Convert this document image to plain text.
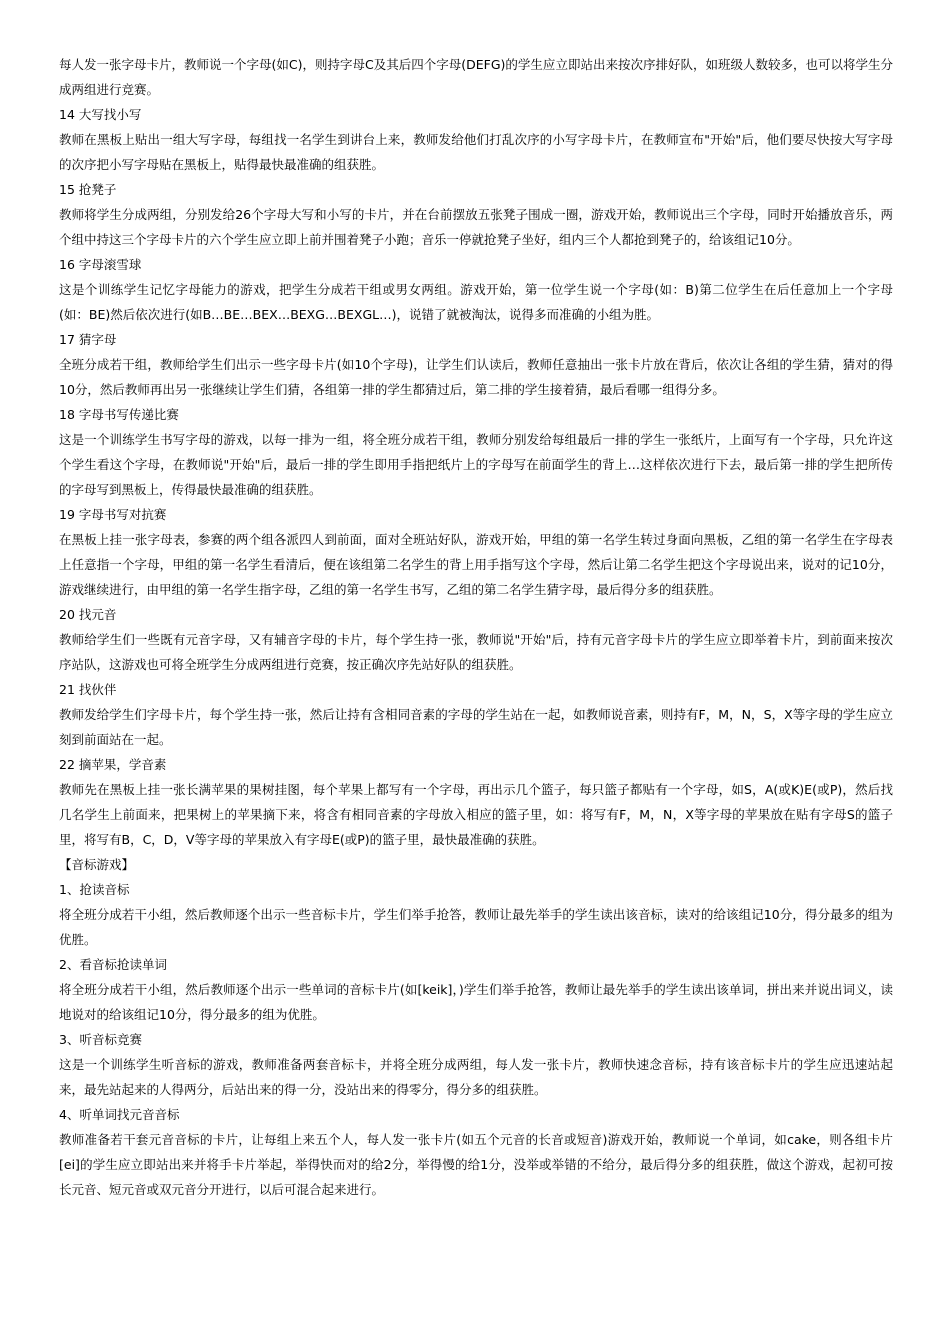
每人发一张字母卡片，教师说一个字母(如C)，则持字母C及其后四个字母(DEFG)的学生应立即站出来按次序排好队，如班级人数较多，也可以将学生分成两组进行竞赛。

14 大写找小写

教师在黑板上贴出一组大写字母，每组找一名学生到讲台上来，教师发给他们打乱次序的小写字母卡片，在教师宣布"开始"后，他们要尽快按大写字母的次序把小写字母贴在黑板上，贴得最快最准确的组获胜。

15 抢凳子

教师将学生分成两组，分别发给26个字母大写和小写的卡片，并在台前摆放五张凳子围成一圈，游戏开始，教师说出三个字母，同时开始播放音乐，两个组中持这三个字母卡片的六个学生应立即上前并围着凳子小跑；音乐一停就抢凳子坐好，组内三个人都抢到凳子的，给该组记10分。

16 字母滚雪球

这是个训练学生记忆字母能力的游戏，把学生分成若干组或男女两组。游戏开始，第一位学生说一个字母(如：B)第二位学生在后任意加上一个字母(如：BE)然后依次进行(如B…BE…BEX…BEXG…BEXGL…)，说错了就被淘汰，说得多而准确的小组为胜。

17 猜字母

全班分成若干组，教师给学生们出示一些字母卡片(如10个字母)，让学生们认读后，教师任意抽出一张卡片放在背后，依次让各组的学生猜，猜对的得10分，然后教师再出另一张继续让学生们猜，各组第一排的学生都猜过后，第二排的学生接着猜，最后看哪一组得分多。

18 字母书写传递比赛

这是一个训练学生书写字母的游戏，以每一排为一组，将全班分成若干组，教师分别发给每组最后一排的学生一张纸片，上面写有一个字母，只允许这个学生看这个字母，在教师说"开始"后，最后一排的学生即用手指把纸片上的字母写在前面学生的背上…这样依次进行下去，最后第一排的学生把所传的字母写到黑板上，传得最快最准确的组获胜。

19 字母书写对抗赛

在黑板上挂一张字母表，参赛的两个组各派四人到前面，面对全班站好队，游戏开始，甲组的第一名学生转过身面向黑板，乙组的第一名学生在字母表上任意指一个字母，甲组的第一名学生看清后，便在该组第二名学生的背上用手指写这个字母，然后让第二名学生把这个字母说出来，说对的记10分，游戏继续进行，由甲组的第一名学生指字母，乙组的第一名学生书写，乙组的第二名学生猜字母，最后得分多的组获胜。

20 找元音

教师给学生们一些既有元音字母，又有辅音字母的卡片，每个学生持一张，教师说"开始"后，持有元音字母卡片的学生应立即举着卡片，到前面来按次序站队，这游戏也可将全班学生分成两组进行竞赛，按正确次序先站好队的组获胜。

21 找伙伴

教师发给学生们字母卡片，每个学生持一张，然后让持有含相同音素的字母的学生站在一起，如教师说音素，则持有F，M，N，S，X等字母的学生应立刻到前面站在一起。

22 摘苹果，学音素

教师先在黑板上挂一张长满苹果的果树挂图，每个苹果上都写有一个字母，再出示几个篮子，每只篮子都贴有一个字母，如S，A(或K)E(或P)，然后找几名学生上前面来，把果树上的苹果摘下来，将含有相同音素的字母放入相应的篮子里，如：将写有F，M，N，X等字母的苹果放在贴有字母S的篮子里，将写有B，C，D，V等字母的苹果放入有字母E(或P)的篮子里，最快最准确的获胜。

【音标游戏】

1、抢读音标

将全班分成若干小组，然后教师逐个出示一些音标卡片，学生们举手抢答，教师让最先举手的学生读出该音标，读对的给该组记10分，得分最多的组为优胜。

2、看音标抢读单词

将全班分成若干小组，然后教师逐个出示一些单词的音标卡片(如[keik]，)学生们举手抢答，教师让最先举手的学生读出该单词，拼出来并说出词义，读地说对的给该组记10分，得分最多的组为优胜。

3、听音标竞赛

这是一个训练学生听音标的游戏，教师准备两套音标卡，并将全班分成两组，每人发一张卡片，教师快速念音标，持有该音标卡片的学生应迅速站起来，最先站起来的人得两分，后站出来的得一分，没站出来的得零分，得分多的组获胜。

4、听单词找元音音标

教师准备若干套元音音标的卡片，让每组上来五个人，每人发一张卡片(如五个元音的长音或短音)游戏开始，教师说一个单词，如cake，则各组卡片[ei]的学生应立即站出来并将手卡片举起，举得快而对的给2分，举得慢的给1分，没举或举错的不给分，最后得分多的组获胜，做这个游戏，起初可按长元音、短元音或双元音分开进行，以后可混合起来进行。
